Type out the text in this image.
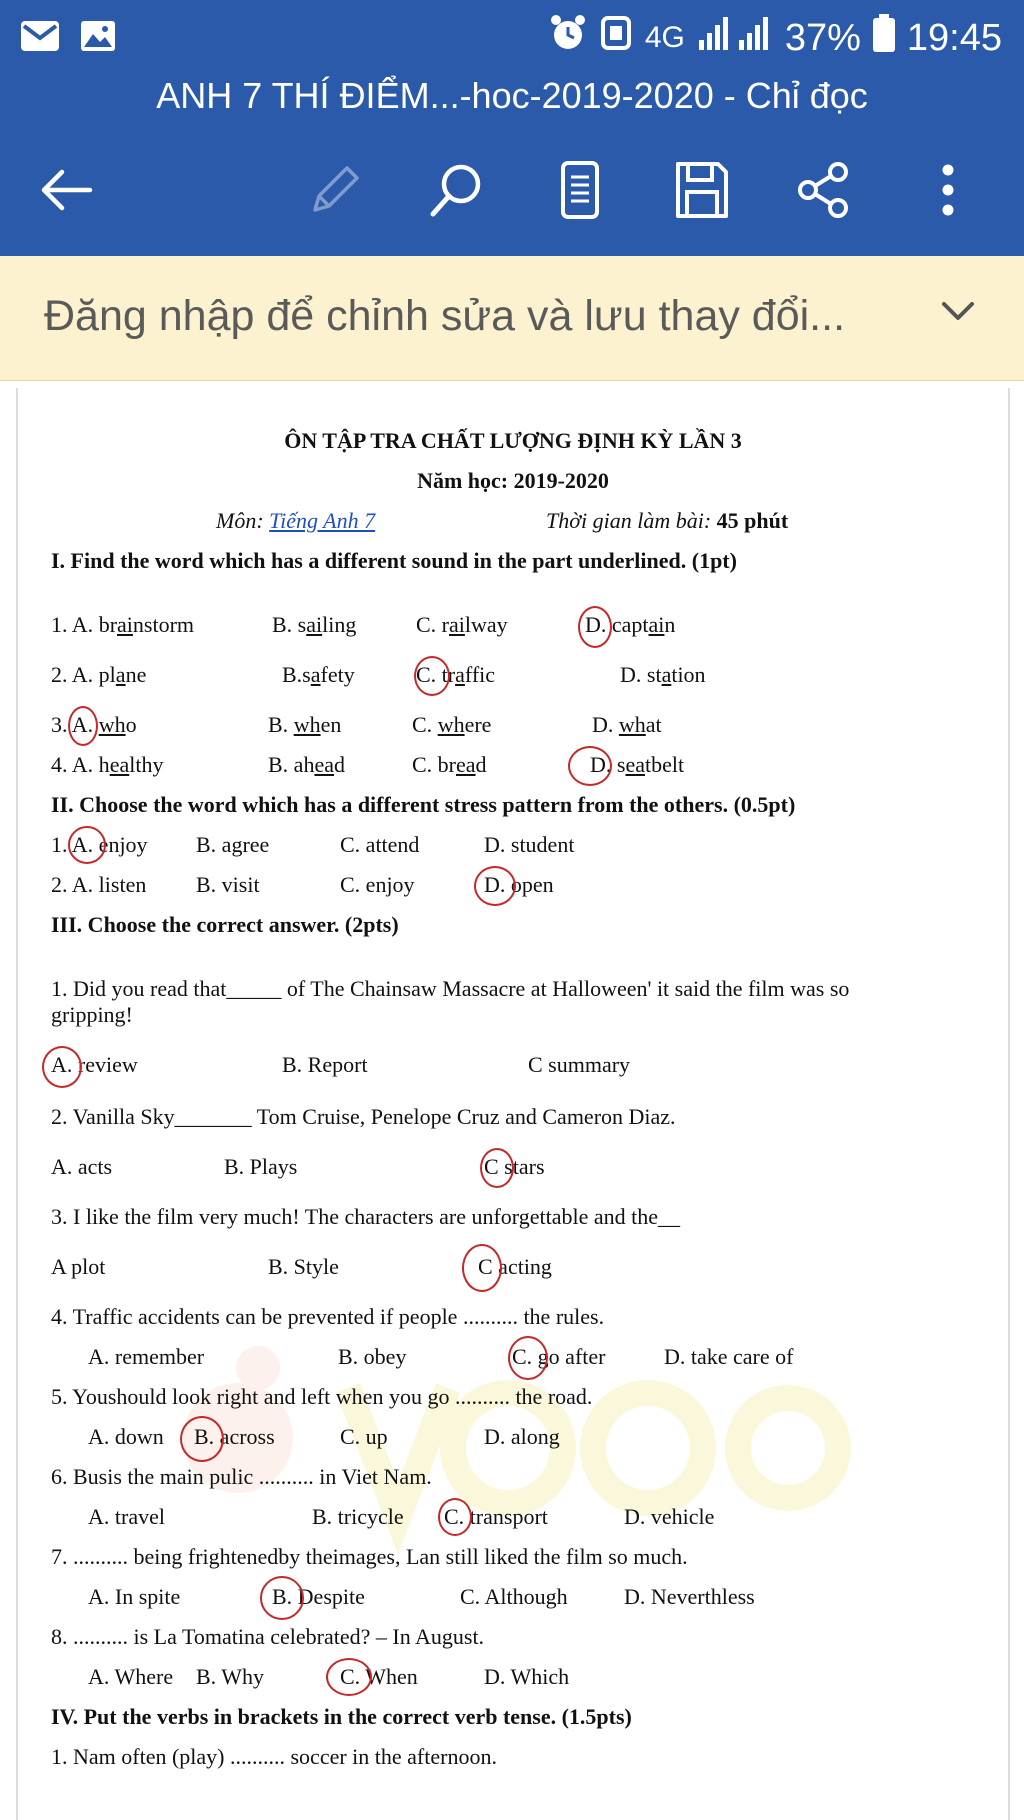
4G	37% 19:45
ANH 7 THÍ ĐIỂM...-hoc-2019-2020 - Chỉ đọc
Đăng nhập để chỉnh sửa và lưu thay đổi...
ÔN TẬP TRA CHẤT LƯỢNG ĐỊNH KỲ LẦN 3
Năm học: 2019-2020
Môn: Tiếng Anh 7	Thời gian làm bài: 45 phút
I. Find the word which has a different sound in the part underlined. (1pt)
1. A. brainstorm	B. sailing	C. railway	D. captain
2. A. plane	B.safety	C. traffic	D. station
3. A. who	B. when	C. where	D. what
4. A. healthy	B. ahead	C. bread	D. seatbelt
II. Choose the word which has a different stress pattern from the others. (0.5pt)
1. A. enjoy B. agree	C. attend	D. student
2. A. listen B. visit	C. enjoy	D. open
III. Choose the correct answer. (2pts)
1. Did you read that_____ of The Chainsaw Massacre at Halloween' it said the film was so
gripping!
A. review	B. Report	C summary
2. Vanilla Sky_______ Tom Cruise, Penelope Cruz and Cameron Diaz.
A. acts	B. Plays	C stars
3. I like the film very much! The characters are unforgettable and the__
A plot	B. Style	C acting
4. Traffic accidents can be prevented if people .......... the rules.
A. remember	B. obey	C. go after	D. take care of
5. Youshould look right and left when you go .......... the road.
A. down B. across	C. up	D. along
6. Busis the main pulic .......... in Viet Nam.
A. travel	B. tricycle C. transport	D. vehicle
7. .......... being frightenedby theimages, Lan still liked the film so much.
A. In spite	B. Despite	C. Although	D. Neverthless
8. .......... is La Tomatina celebrated? – In August.
A. Where B. Why	C. When	D. Which
IV. Put the verbs in brackets in the correct verb tense. (1.5pts)
1. Nam often (play) .......... soccer in the afternoon.
